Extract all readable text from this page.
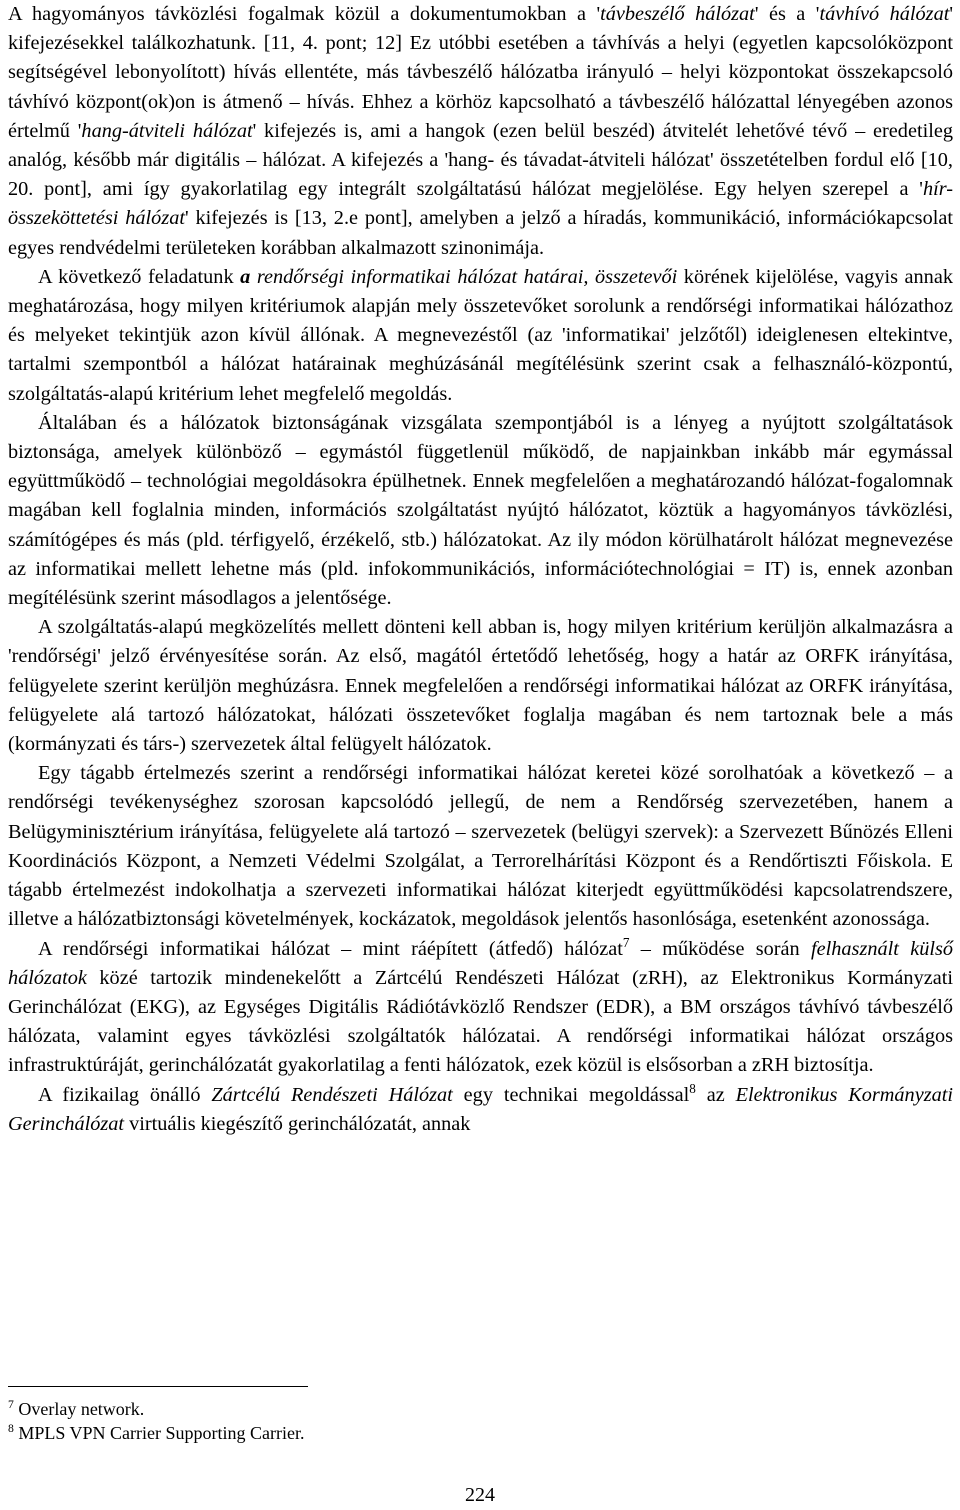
A hagyományos távközlési fogalmak közül a dokumentumokban a 'távbeszélő hálózat' és a 'távhívó hálózat' kifejezésekkel találkozhatunk. [11, 4. pont; 12] Ez utóbbi esetében a távhívás a helyi (egyetlen kapcsolóközpont segítségével lebonyolított) hívás ellentéte, más távbeszélő hálózatba irányuló – helyi központokat összekapcsoló távhívó központ(ok)on is átmenő – hívás. Ehhez a körhöz kapcsolható a távbeszélő hálózattal lényegében azonos értelmű 'hang-átviteli hálózat' kifejezés is, ami a hangok (ezen belül beszéd) átvitelét lehetővé tévő – eredetileg analóg, később már digitális – hálózat. A kifejezés a 'hang- és távadat-átviteli hálózat' összetételben fordul elő [10, 20. pont], ami így gyakorlatilag egy integrált szolgáltatású hálózat megjelölése. Egy helyen szerepel a 'hír-összeköttetési hálózat' kifejezés is [13, 2.e pont], amelyben a jelző a híradás, kommunikáció, információkapcsolat egyes rendvédelmi területeken korábban alkalmazott szinonimája.

A következő feladatunk a rendőrségi informatikai hálózat határai, összetevői körének kijelölése, vagyis annak meghatározása, hogy milyen kritériumok alapján mely összetevőket sorolunk a rendőrségi informatikai hálózathoz és melyeket tekintjük azon kívül állónak. A megnevezéstől (az 'informatikai' jelzőtől) ideiglenesen eltekintve, tartalmi szempontból a hálózat határainak meghúzásánál megítélésünk szerint csak a felhasználó-központú, szolgáltatás-alapú kritérium lehet megfelelő megoldás.

Általában és a hálózatok biztonságának vizsgálata szempontjából is a lényeg a nyújtott szolgáltatások biztonsága, amelyek különböző – egymástól függetlenül működő, de napjainkban inkább már egymással együttműködő – technológiai megoldásokra épülhetnek. Ennek megfelelően a meghatározandó hálózat-fogalomnak magában kell foglalnia minden, információs szolgáltatást nyújtó hálózatot, köztük a hagyományos távközlési, számítógépes és más (pld. térfigyelő, érzékelő, stb.) hálózatokat. Az ily módon körülhatárolt hálózat megnevezése az informatikai mellett lehetne más (pld. infokommunikációs, információtechnológiai = IT) is, ennek azonban megítélésünk szerint másodlagos a jelentősége.

A szolgáltatás-alapú megközelítés mellett dönteni kell abban is, hogy milyen kritérium kerüljön alkalmazásra a 'rendőrségi' jelző érvényesítése során. Az első, magától értetődő lehetőség, hogy a határ az ORFK irányítása, felügyelete szerint kerüljön meghúzásra. Ennek megfelelően a rendőrségi informatikai hálózat az ORFK irányítása, felügyelete alá tartozó hálózatokat, hálózati összetevőket foglalja magában és nem tartoznak bele a más (kormányzati és társ-) szervezetek által felügyelt hálózatok.

Egy tágabb értelmezés szerint a rendőrségi informatikai hálózat keretei közé sorolhatóak a következő – a rendőrségi tevékenységhez szorosan kapcsolódó jellegű, de nem a Rendőrség szervezetében, hanem a Belügyminisztérium irányítása, felügyelete alá tartozó – szervezetek (belügyi szervek): a Szervezett Bűnözés Elleni Koordinációs Központ, a Nemzeti Védelmi Szolgálat, a Terrorelhárítási Központ és a Rendőrtiszti Főiskola. E tágabb értelmezést indokolhatja a szervezeti informatikai hálózat kiterjedt együttműködési kapcsolatrendszere, illetve a hálózatbiztonsági követelmények, kockázatok, megoldások jelentős hasonlósága, esetenként azonossága.

A rendőrségi informatikai hálózat – mint ráépített (átfedő) hálózat$^7$ – működése során felhasznált külső hálózatok közé tartozik mindenekelőtt a Zártcélú Rendészeti Hálózat (zRH), az Elektronikus Kormányzati Gerinchálózat (EKG), az Egységes Digitális Rádiótávközlő Rendszer (EDR), a BM országos távhívó távbeszélő hálózata, valamint egyes távközlési szolgáltatók hálózatai. A rendőrségi informatikai hálózat országos infrastruktúráját, gerinchálózatát gyakorlatilag a fenti hálózatok, ezek közül is elsősorban a zRH biztosítja.

A fizikailag önálló Zártcélú Rendészeti Hálózat egy technikai megoldással$^8$ az Elektronikus Kormányzati Gerinchálózat virtuális kiegészítő gerinchálózatát, annak

$^7$ Overlay network.

$^8$ MPLS VPN Carrier Supporting Carrier.

224
